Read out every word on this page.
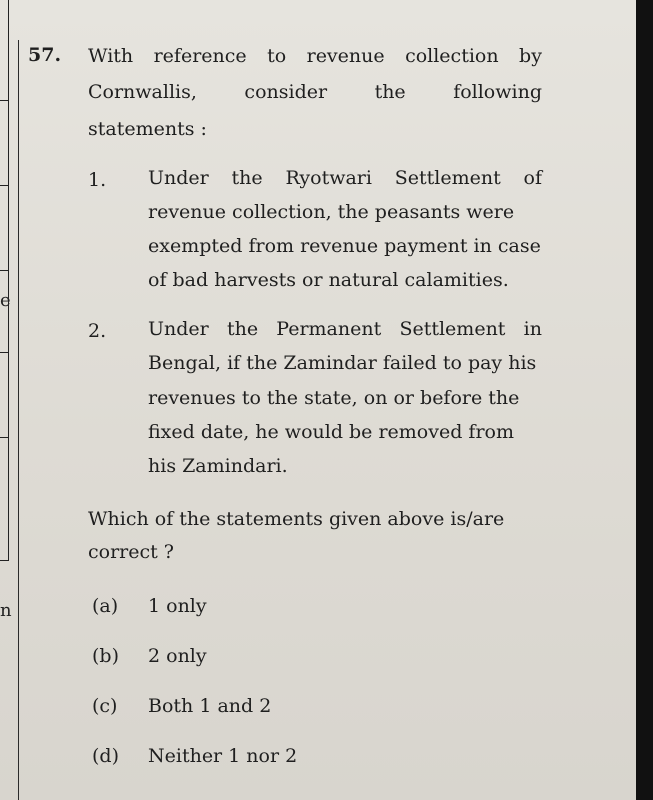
e
n
57. With reference to revenue collection by
Cornwallis,	consider	the	following
statements :
1. Under the Ryotwari Settlement of
revenue collection, the peasants were
exempted from revenue payment in case
of bad harvests or natural calamities.
2. Under the Permanent Settlement in
Bengal, if the Zamindar failed to pay his
revenues to the state, on or before the
fixed date, he would be removed from
his Zamindari.
Which of the statements given above is/are
correct ?
(a) 1 only
(b) 2 only
(c) Both 1 and 2
(d) Neither 1 nor 2
